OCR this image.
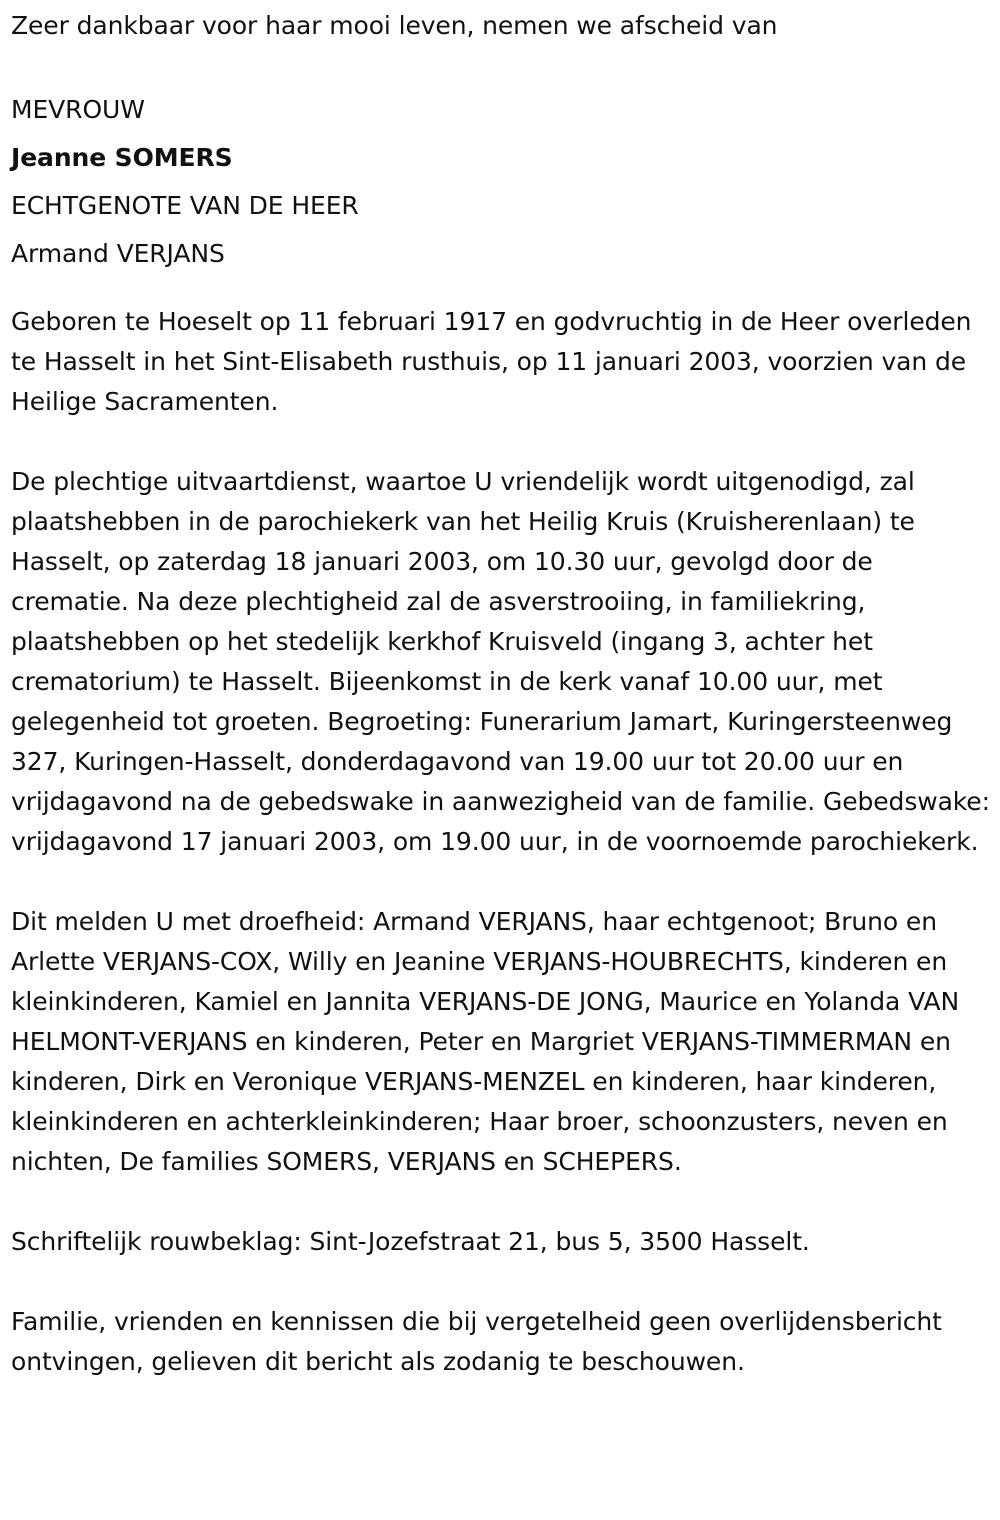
Zeer dankbaar voor haar mooi leven, nemen we afscheid van

MEVROUW
Jeanne SOMERS
ECHTGENOTE VAN DE HEER
Armand VERJANS

Geboren te Hoeselt op 11 februari 1917 en godvruchtig in de Heer overleden te Hasselt in het Sint-Elisabeth rusthuis, op 11 januari 2003, voorzien van de Heilige Sacramenten.

De plechtige uitvaartdienst, waartoe U vriendelijk wordt uitgenodigd, zal plaatshebben in de parochiekerk van het Heilig Kruis (Kruisherenlaan) te Hasselt, op zaterdag 18 januari 2003, om 10.30 uur, gevolgd door de crematie. Na deze plechtigheid zal de asverstrooiing, in familiekring, plaatshebben op het stedelijk kerkhof Kruisveld (ingang 3, achter het crematorium) te Hasselt. Bijeenkomst in de kerk vanaf 10.00 uur, met gelegenheid tot groeten. Begroeting: Funerarium Jamart, Kuringersteenweg 327, Kuringen-Hasselt, donderdagavond van 19.00 uur tot 20.00 uur en vrijdagavond na de gebedswake in aanwezigheid van de familie. Gebedswake: vrijdagavond 17 januari 2003, om 19.00 uur, in de voornoemde parochiekerk.

Dit melden U met droefheid: Armand VERJANS, haar echtgenoot; Bruno en Arlette VERJANS-COX, Willy en Jeanine VERJANS-HOUBRECHTS, kinderen en kleinkinderen, Kamiel en Jannita VERJANS-DE JONG, Maurice en Yolanda VAN HELMONT-VERJANS en kinderen, Peter en Margriet VERJANS-TIMMERMAN en kinderen, Dirk en Veronique VERJANS-MENZEL en kinderen, haar kinderen, kleinkinderen en achterkleinkinderen; Haar broer, schoonzusters, neven en nichten, De families SOMERS, VERJANS en SCHEPERS.

Schriftelijk rouwbeklag: Sint-Jozefstraat 21, bus 5, 3500 Hasselt.

Familie, vrienden en kennissen die bij vergetelheid geen overlijdensbericht ontvingen, gelieven dit bericht als zodanig te beschouwen.
